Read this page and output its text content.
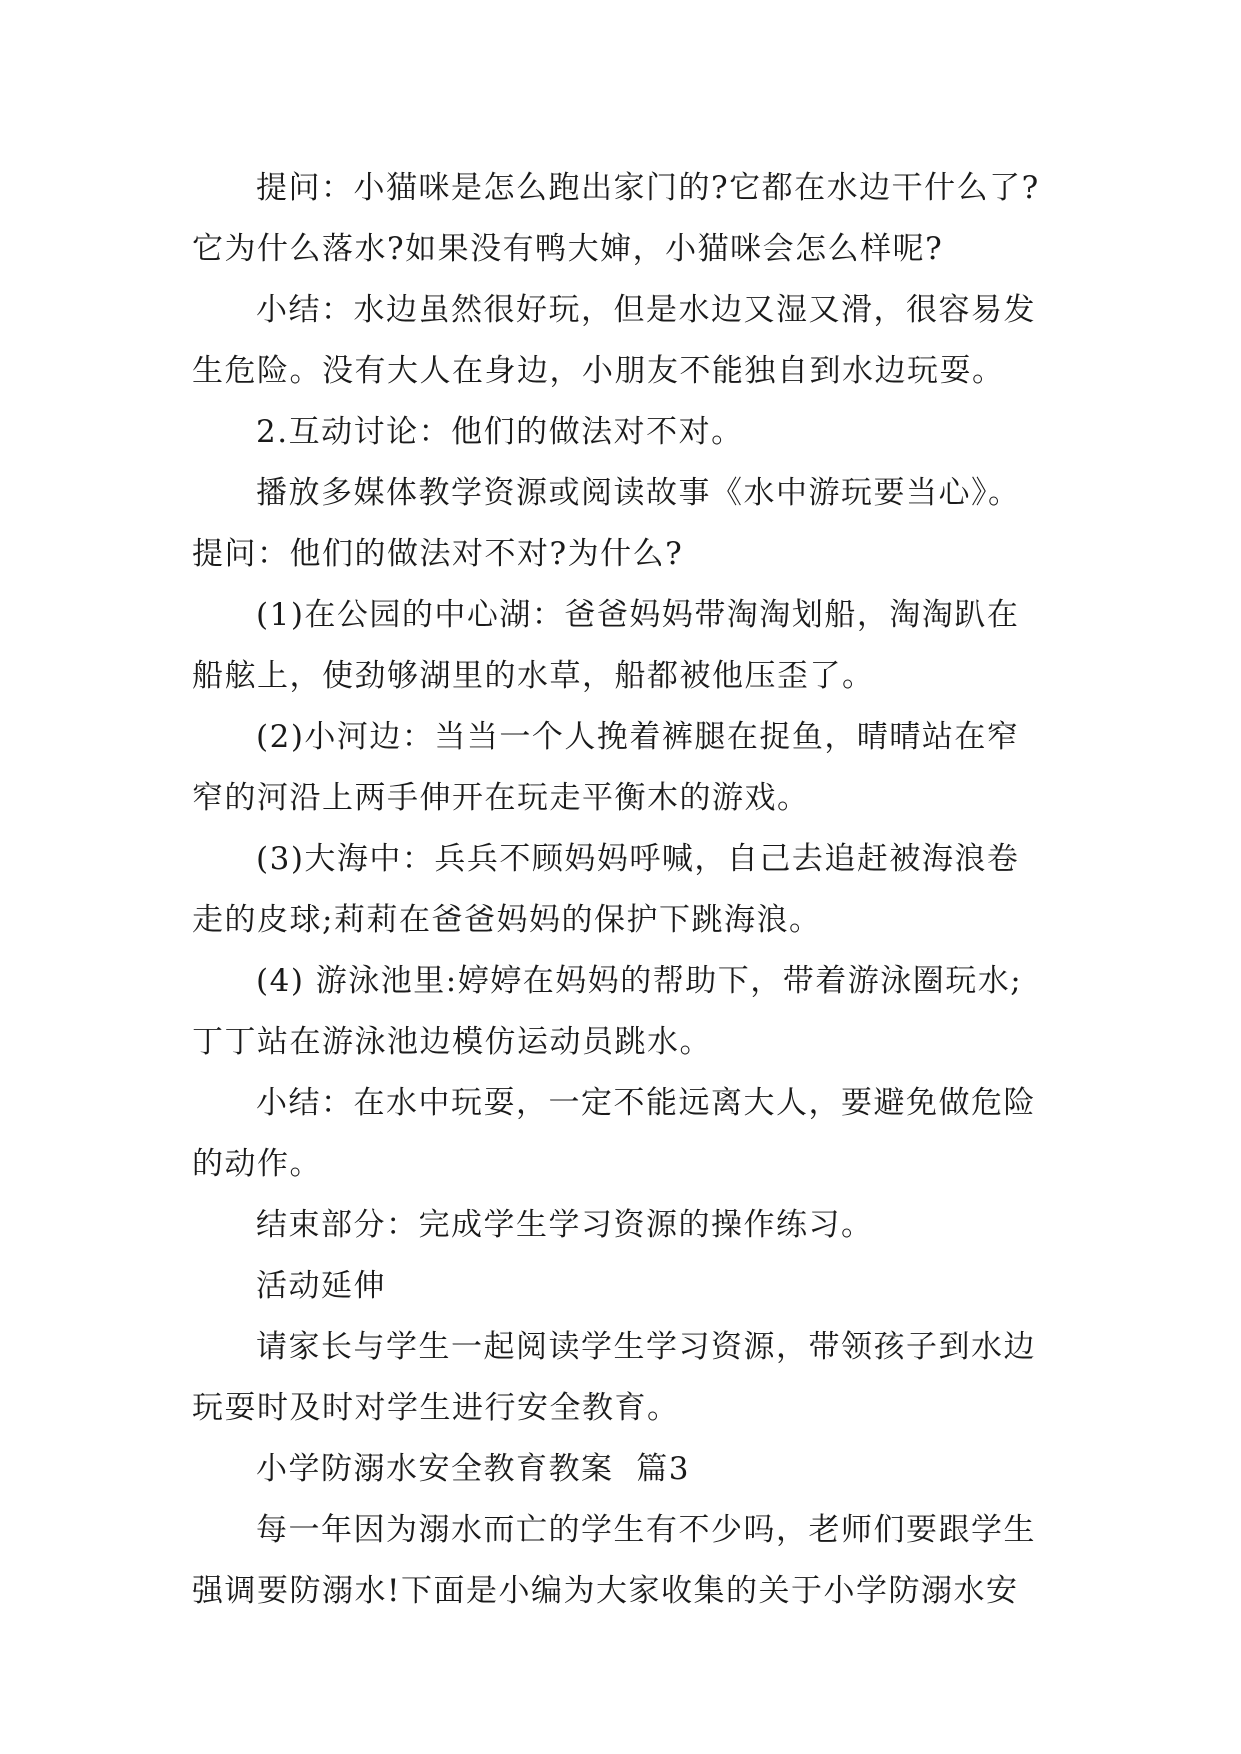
提问：小猫咪是怎么跑出家门的?它都在水边干什么了?
它为什么落水?如果没有鸭大婶，小猫咪会怎么样呢?
小结：水边虽然很好玩，但是水边又湿又滑，很容易发
生危险。没有大人在身边，小朋友不能独自到水边玩耍。
2.互动讨论：他们的做法对不对。
播放多媒体教学资源或阅读故事《水中游玩要当心》。
提问：他们的做法对不对?为什么?
(1)在公园的中心湖：爸爸妈妈带淘淘划船，淘淘趴在
船舷上，使劲够湖里的水草，船都被他压歪了。
(2)小河边：当当一个人挽着裤腿在捉鱼，晴晴站在窄
窄的河沿上两手伸开在玩走平衡木的游戏。
(3)大海中：兵兵不顾妈妈呼喊，自己去追赶被海浪卷
走的皮球;莉莉在爸爸妈妈的保护下跳海浪。
(4) 游泳池里:婷婷在妈妈的帮助下，带着游泳圈玩水;
丁丁站在游泳池边模仿运动员跳水。
小结：在水中玩耍，一定不能远离大人，要避免做危险
的动作。
结束部分：完成学生学习资源的操作练习。
活动延伸
请家长与学生一起阅读学生学习资源，带领孩子到水边
玩耍时及时对学生进行安全教育。
小学防溺水安全教育教案  篇3
每一年因为溺水而亡的学生有不少吗，老师们要跟学生
强调要防溺水!下面是小编为大家收集的关于小学防溺水安
